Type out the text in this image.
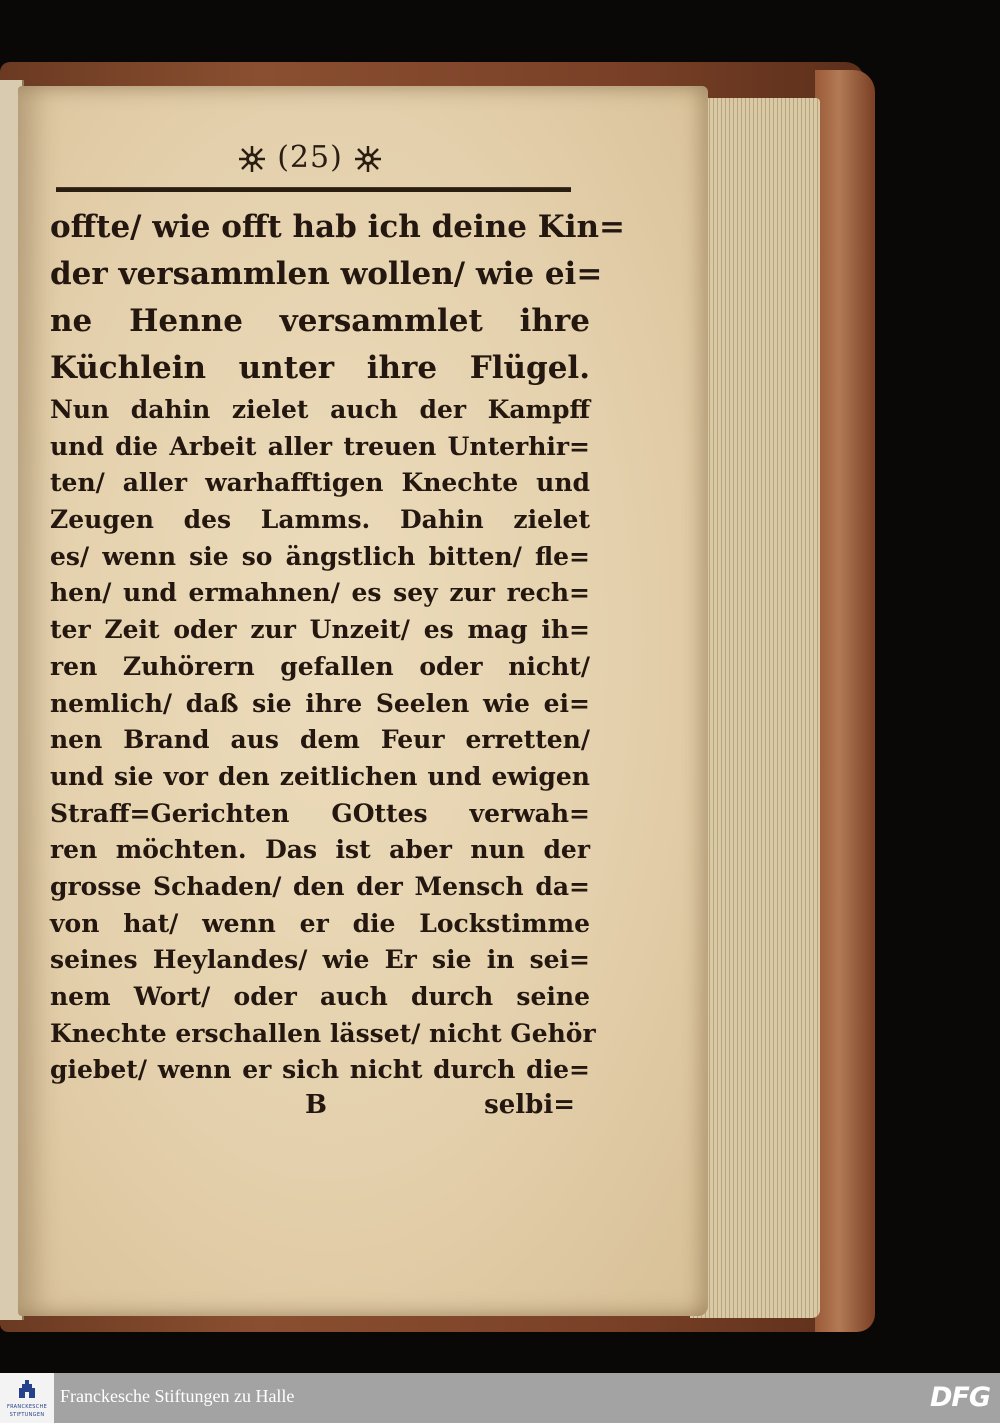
(25)
offte/ wie offt hab ich deine Kin=
der versammlen wollen/ wie ei=
ne Henne versammlet ihre
Küchlein unter ihre Flügel.
Nun dahin zielet auch der Kampff
und die Arbeit aller treuen Unterhir=
ten/ aller warhafftigen Knechte und
Zeugen des Lamms. Dahin zielet
es/ wenn sie so ängstlich bitten/ fle=
hen/ und ermahnen/ es sey zur rech=
ter Zeit oder zur Unzeit/ es mag ih=
ren Zuhörern gefallen oder nicht/
nemlich/ daß sie ihre Seelen wie ei=
nen Brand aus dem Feur erretten/
und sie vor den zeitlichen und ewigen
Straff=Gerichten GOttes verwah=
ren möchten. Das ist aber nun der
grosse Schaden/ den der Mensch da=
von hat/ wenn er die Lockstimme
seines Heylandes/ wie Er sie in sei=
nem Wort/ oder auch durch seine
Knechte erschallen lässet/ nicht Gehör
giebet/ wenn er sich nicht durch die=
B	selbi=
FRANCKESCHE
STIFTUNGEN
Franckesche Stiftungen zu Halle	DFG
